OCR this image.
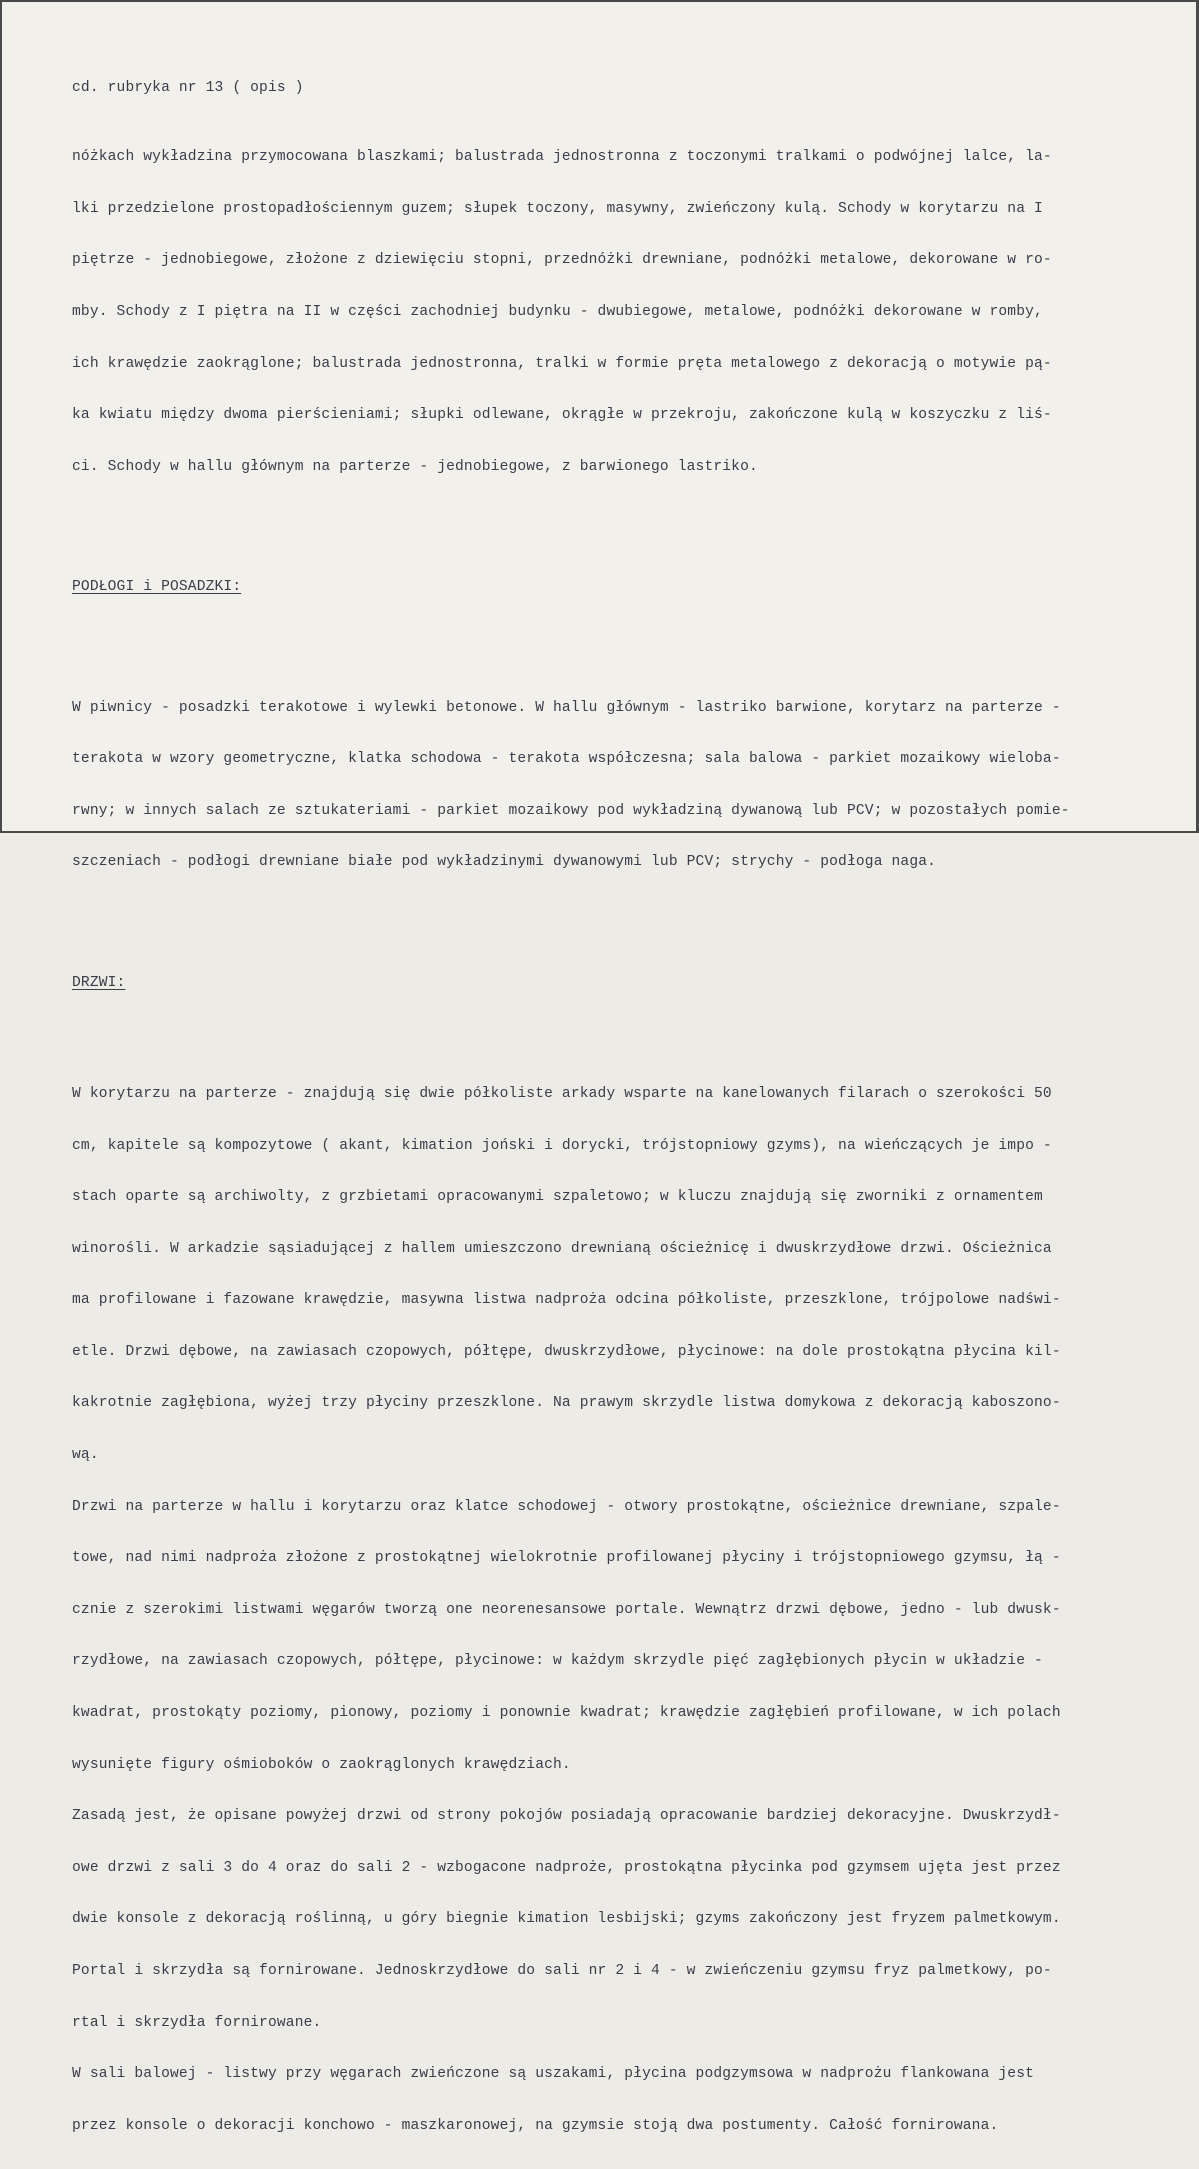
cd. rubryka nr 13 ( opis )

nóżkach wykładzina przymocowana blaszkami; balustrada jednostronna z toczonymi tralkami o podwójnej lalce, la-

lki przedzielone prostopadłościennym guzem; słupek toczony, masywny, zwieńczony kulą. Schody w korytarzu na I

piętrze - jednobiegowe, złożone z dziewięciu stopni, przednóżki drewniane, podnóżki metalowe, dekorowane w ro-

mby. Schody z I piętra na II w części zachodniej budynku - dwubiegowe, metalowe, podnóżki dekorowane w romby,

ich krawędzie zaokrąglone; balustrada jednostronna, tralki w formie pręta metalowego z dekoracją o motywie pą-

ka kwiatu między dwoma pierścieniami; słupki odlewane, okrągłe w przekroju, zakończone kulą w koszyczku z liś-

ci. Schody w hallu głównym na parterze - jednobiegowe, z barwionego lastriko.

PODŁOGI i POSADZKI:

W piwnicy - posadzki terakotowe i wylewki betonowe. W hallu głównym - lastriko barwione, korytarz na parterze -

terakota w wzory geometryczne, klatka schodowa - terakota współczesna; sala balowa - parkiet mozaikowy wieloba-

rwny; w innych salach ze sztukateriami - parkiet mozaikowy pod wykładziną dywanową lub PCV; w pozostałych pomie-

szczeniach - podłogi drewniane białe pod wykładzinymi dywanowymi lub PCV; strychy - podłoga naga.

DRZWI:

W korytarzu na parterze - znajdują się dwie półkoliste arkady wsparte na kanelowanych filarach o szerokości 50

cm, kapitele są kompozytowe ( akant, kimation joński i dorycki, trójstopniowy gzyms), na wieńczących je impo -

stach oparte są archiwolty, z grzbietami opracowanymi szpaletowo; w kluczu znajdują się zworniki z ornamentem

winorośli. W arkadzie sąsiadującej z hallem umieszczono drewnianą ościeżnicę i dwuskrzydłowe drzwi. Ościeżnica

ma profilowane i fazowane krawędzie, masywna listwa nadproża odcina półkoliste, przeszklone, trójpolowe nadświ-

etle. Drzwi dębowe, na zawiasach czopowych, półtępe, dwuskrzydłowe, płycinowe: na dole prostokątna płycina kil-

kakrotnie zagłębiona, wyżej trzy płyciny przeszklone. Na prawym skrzydle listwa domykowa z dekoracją kaboszono-

wą.

Drzwi na parterze w hallu i korytarzu oraz klatce schodowej - otwory prostokątne, ościeżnice drewniane, szpale-

towe, nad nimi nadproża złożone z prostokątnej wielokrotnie profilowanej płyciny i trójstopniowego gzymsu, łą -

cznie z szerokimi listwami węgarów tworzą one neorenesansowe portale. Wewnątrz drzwi dębowe, jedno - lub dwusk-

rzydłowe, na zawiasach czopowych, półtępe, płycinowe: w każdym skrzydle pięć zagłębionych płycin w układzie -

kwadrat, prostokąty poziomy, pionowy, poziomy i ponownie kwadrat; krawędzie zagłębień profilowane, w ich polach

wysunięte figury ośmioboków o zaokrąglonych krawędziach.

Zasadą jest, że opisane powyżej drzwi od strony pokojów posiadają opracowanie bardziej dekoracyjne. Dwuskrzydł-

owe drzwi z sali 3 do 4 oraz do sali 2 - wzbogacone nadproże, prostokątna płycinka pod gzymsem ujęta jest przez

dwie konsole z dekoracją roślinną, u góry biegnie kimation lesbijski; gzyms zakończony jest fryzem palmetkowym.

Portal i skrzydła są fornirowane. Jednoskrzydłowe do sali nr 2 i 4 - w zwieńczeniu gzymsu fryz palmetkowy, po-

rtal i skrzydła fornirowane.

W sali balowej - listwy przy węgarach zwieńczone są uszakami, płycina podgzymsowa w nadprożu flankowana jest

przez konsole o dekoracji konchowo - maszkaronowej, na gzymsie stoją dwa postumenty. Całość fornirowana.
